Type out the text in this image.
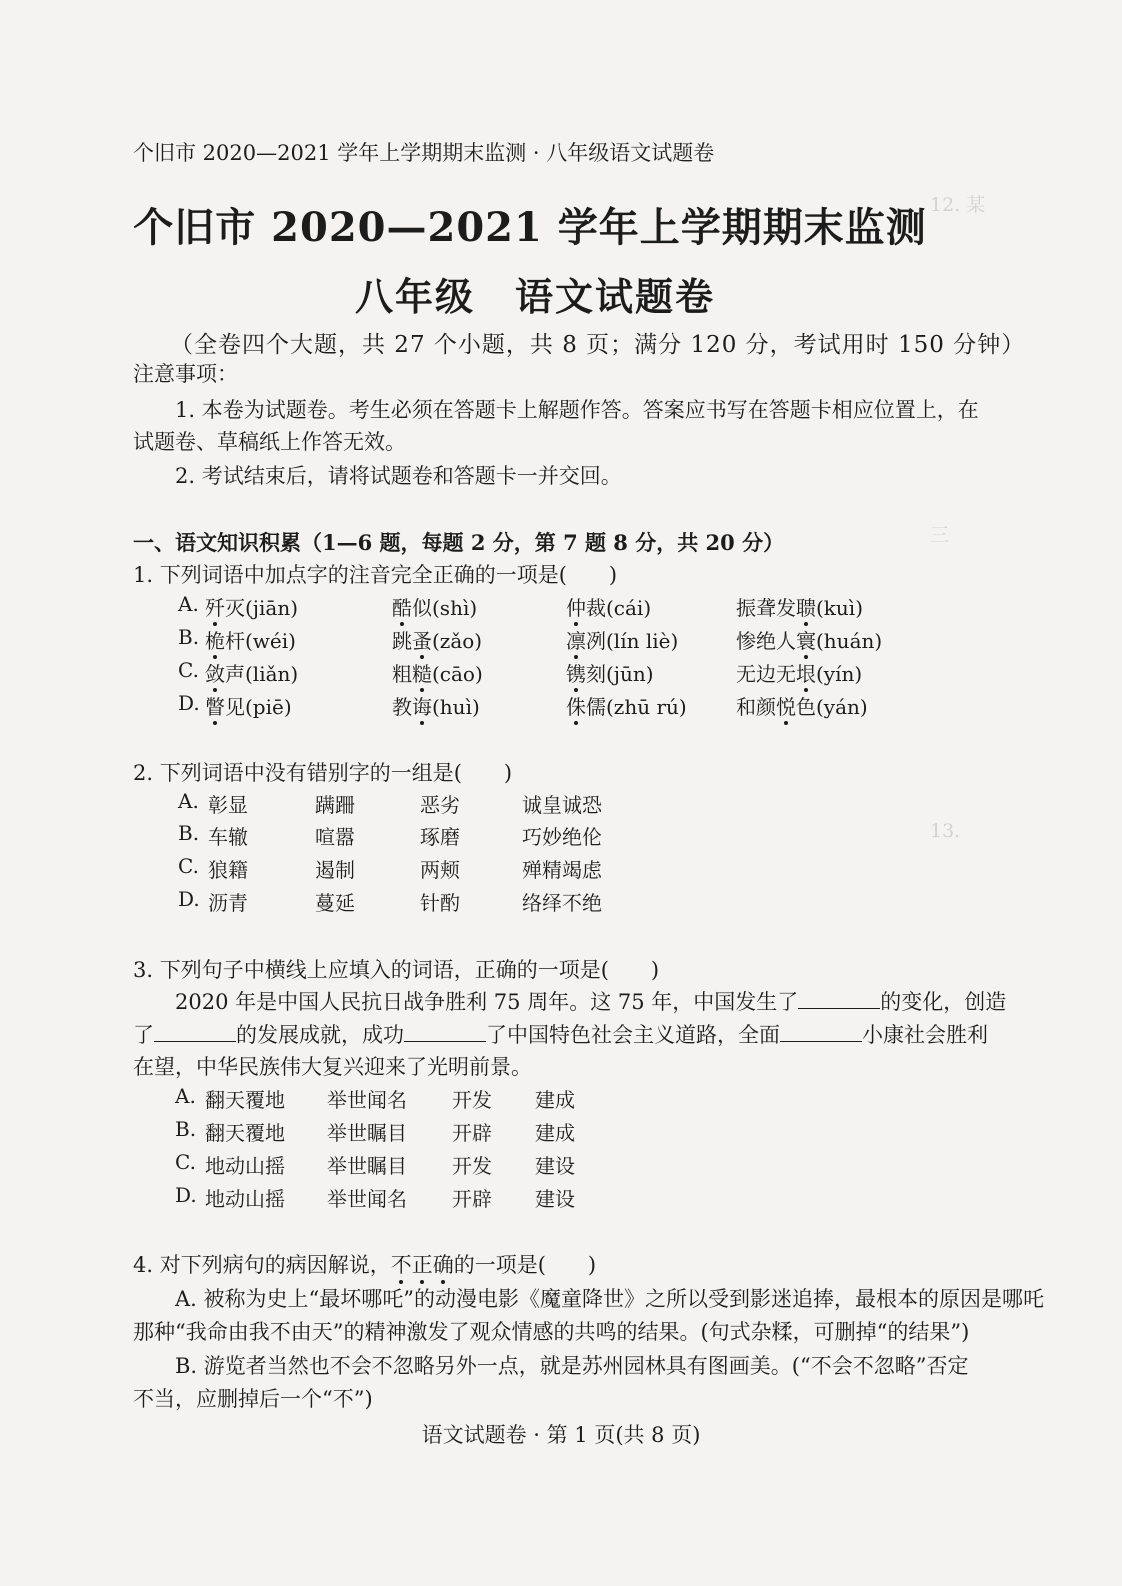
12. 某
三
13.
个旧市 2020—2021 学年上学期期末监测 · 八年级语文试题卷
个旧市 2020—2021 学年上学期期末监测
八年级 语文试题卷
（全卷四个大题，共 27 个小题，共 8 页；满分 120 分，考试用时 150 分钟）
注意事项：
1. 本卷为试题卷。考生必须在答题卡上解题作答。答案应书写在答题卡相应位置上，在
试题卷、草稿纸上作答无效。
2. 考试结束后，请将试题卷和答题卡一并交回。
一、语文知识积累（1—6 题，每题 2 分，第 7 题 8 分，共 20 分）
1. 下列词语中加点字的注音完全正确的一项是(　　)
A. 歼灭(jiān)	酷似(shì)	仲裁(cái)	振聋发聩(kuì)
B. 桅杆(wéi)	跳蚤(zǎo)	凛冽(lín liè)	惨绝人寰(huán)
C. 敛声(liǎn)	粗糙(cāo)	镌刻(jūn)	无边无垠(yín)
D. 瞥见(piē)	教诲(huì)	侏儒(zhū rú) 和颜悦色(yán)
2. 下列词语中没有错别字的一组是(　　)
A. 彰显	蹒跚	恶劣	诚皇诚恐
B. 车辙	喧嚣	琢磨	巧妙绝伦
C. 狼籍	遏制	两颊	殚精竭虑
D. 沥青	蔓延	针酌	络绎不绝
3. 下列句子中横线上应填入的词语，正确的一项是(　　)
2020 年是中国人民抗日战争胜利 75 周年。这 75 年，中国发生了	的变化，创造
了	的发展成就，成功	了中国特色社会主义道路，全面	小康社会胜利
在望，中华民族伟大复兴迎来了光明前景。
A. 翻天覆地 举世闻名 开发 建成
B. 翻天覆地 举世瞩目 开辟 建成
C. 地动山摇 举世瞩目 开发 建设
D. 地动山摇 举世闻名 开辟 建设
4. 对下列病句的病因解说，不正确的一项是(　　)
A. 被称为史上“最坏哪吒”的动漫电影《魔童降世》之所以受到影迷追捧，最根本的原因是哪吒
那种“我命由我不由天”的精神激发了观众情感的共鸣的结果。(句式杂糅，可删掉“的结果”)
B. 游览者当然也不会不忽略另外一点，就是苏州园林具有图画美。(“不会不忽略”否定
不当，应删掉后一个“不”)
语文试题卷 · 第 1 页(共 8 页)
